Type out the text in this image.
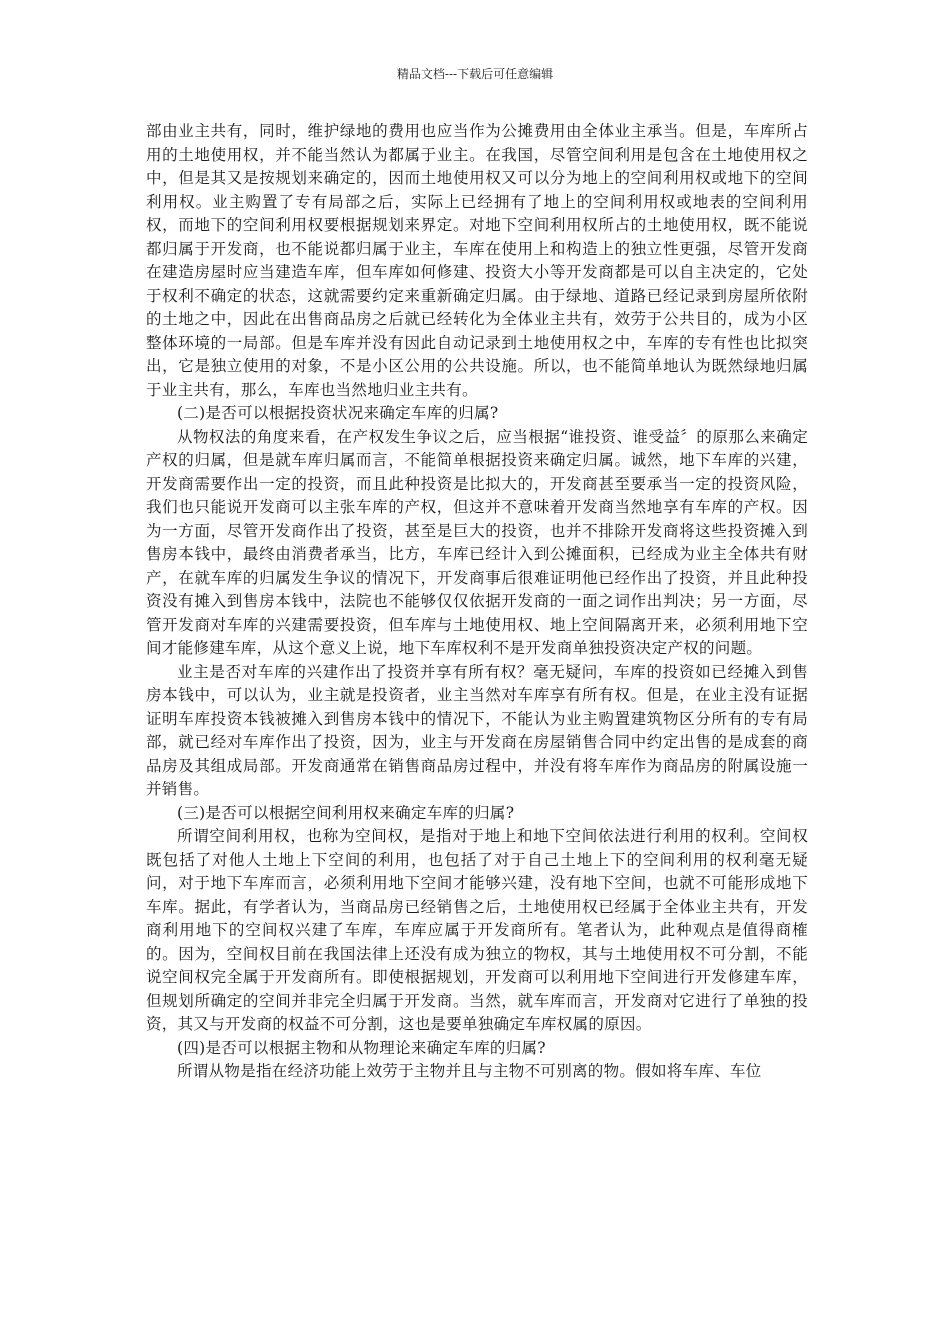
精品文档---下载后可任意编辑

部由业主共有，同时，维护绿地的费用也应当作为公摊费用由全体业主承当。但是，车库所占用的土地使用权，并不能当然认为都属于业主。在我国，尽管空间利用是包含在土地使用权之中，但是其又是按规划来确定的，因而土地使用权又可以分为地上的空间利用权或地下的空间利用权。业主购置了专有局部之后，实际上已经拥有了地上的空间利用权或地表的空间利用权，而地下的空间利用权要根据规划来界定。对地下空间利用权所占的土地使用权，既不能说都归属于开发商，也不能说都归属于业主，车库在使用上和构造上的独立性更强，尽管开发商在建造房屋时应当建造车库，但车库如何修建、投资大小等开发商都是可以自主决定的，它处于权利不确定的状态，这就需要约定来重新确定归属。由于绿地、道路已经记录到房屋所依附的土地之中，因此在出售商品房之后就已经转化为全体业主共有，效劳于公共目的，成为小区整体环境的一局部。但是车库并没有因此自动记录到土地使用权之中，车库的专有性也比拟突出，它是独立使用的对象，不是小区公用的公共设施。所以，也不能简单地认为既然绿地归属于业主共有，那么，车库也当然地归业主共有。

(二)是否可以根据投资状况来确定车库的归属?

从物权法的角度来看，在产权发生争议之后，应当根据“谁投资、谁受益〞的原那么来确定产权的归属，但是就车库归属而言，不能简单根据投资来确定归属。诚然，地下车库的兴建，开发商需要作出一定的投资，而且此种投资是比拟大的，开发商甚至要承当一定的投资风险，我们也只能说开发商可以主张车库的产权，但这并不意味着开发商当然地享有车库的产权。因为一方面，尽管开发商作出了投资，甚至是巨大的投资，也并不排除开发商将这些投资摊入到售房本钱中，最终由消费者承当，比方，车库已经计入到公摊面积，已经成为业主全体共有财产，在就车库的归属发生争议的情况下，开发商事后很难证明他已经作出了投资，并且此种投资没有摊入到售房本钱中，法院也不能够仅仅依据开发商的一面之词作出判决；另一方面，尽管开发商对车库的兴建需要投资，但车库与土地使用权、地上空间隔离开来，必须利用地下空间才能修建车库，从这个意义上说，地下车库权利不是开发商单独投资决定产权的问题。

业主是否对车库的兴建作出了投资并享有所有权？毫无疑问，车库的投资如已经摊入到售房本钱中，可以认为，业主就是投资者，业主当然对车库享有所有权。但是，在业主没有证据证明车库投资本钱被摊入到售房本钱中的情况下，不能认为业主购置建筑物区分所有的专有局部，就已经对车库作出了投资，因为，业主与开发商在房屋销售合同中约定出售的是成套的商品房及其组成局部。开发商通常在销售商品房过程中，并没有将车库作为商品房的附属设施一并销售。

(三)是否可以根据空间利用权来确定车库的归属?

所谓空间利用权，也称为空间权，是指对于地上和地下空间依法进行利用的权利。空间权既包括了对他人土地上下空间的利用，也包括了对于自己土地上下的空间利用的权利毫无疑问，对于地下车库而言，必须利用地下空间才能够兴建，没有地下空间，也就不可能形成地下车库。据此，有学者认为，当商品房已经销售之后，土地使用权已经属于全体业主共有，开发商利用地下的空间权兴建了车库，车库应属于开发商所有。笔者认为，此种观点是值得商榷的。因为，空间权目前在我国法律上还没有成为独立的物权，其与土地使用权不可分割，不能说空间权完全属于开发商所有。即使根据规划，开发商可以利用地下空间进行开发修建车库，但规划所确定的空间并非完全归属于开发商。当然，就车库而言，开发商对它进行了单独的投资，其又与开发商的权益不可分割，这也是要单独确定车库权属的原因。

(四)是否可以根据主物和从物理论来确定车库的归属?

所谓从物是指在经济功能上效劳于主物并且与主物不可别离的物。假如将车库、车位
